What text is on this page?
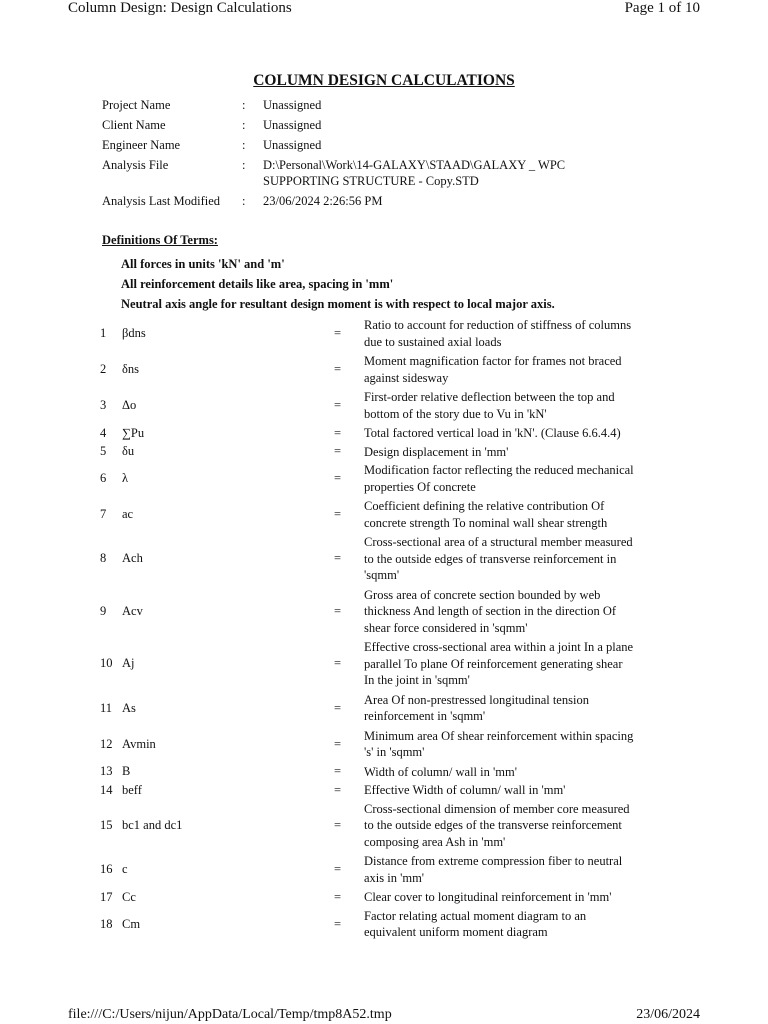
Column Design: Design Calculations	Page 1 of 10
COLUMN DESIGN CALCULATIONS
Project Name	:	Unassigned
Client Name	:	Unassigned
Engineer Name	:	Unassigned
Analysis File	:	D:\Personal\Work\14-GALAXY\STAAD\GALAXY _ WPC
SUPPORTING STRUCTURE - Copy.STD
Analysis Last Modified	:	23/06/2024 2:26:56 PM
Definitions Of Terms:
All forces in units 'kN' and 'm'
All reinforcement details like area, spacing in 'mm'
Neutral axis angle for resultant design moment is with respect to local major axis.
1	βdns	=
Ratio to account for reduction of stiffness of columns
due to sustained axial loads
2	δns	=
Moment magnification factor for frames not braced
against sidesway
3	Δo	=
First-order relative deflection between the top and
bottom of the story due to Vu in 'kN'
4	∑Pu	=	Total factored vertical load in 'kN'. (Clause 6.6.4.4)
5	δu	=	Design displacement in 'mm'
6	λ	=
Modification factor reflecting the reduced mechanical
properties Of concrete
7	ac	=
Coefficient defining the relative contribution Of
concrete strength To nominal wall shear strength
8	Ach	=
Cross-sectional area of a structural member measured
to the outside edges of transverse reinforcement in
'sqmm'
9	Acv	=
Gross area of concrete section bounded by web
thickness And length of section in the direction Of
shear force considered in 'sqmm'
10 Aj	=
Effective cross-sectional area within a joint In a plane
parallel To plane Of reinforcement generating shear
In the joint in 'sqmm'
11 As	=
Area Of non-prestressed longitudinal tension
reinforcement in 'sqmm'
12 Avmin	=
Minimum area Of shear reinforcement within spacing
's' in 'sqmm'
13 B	=	Width of column/ wall in 'mm'
14 beff	=	Effective Width of column/ wall in 'mm'
15 bc1 and dc1	=
Cross-sectional dimension of member core measured
to the outside edges of the transverse reinforcement
composing area Ash in 'mm'
16 c	=
Distance from extreme compression fiber to neutral
axis in 'mm'
17 Cc	=	Clear cover to longitudinal reinforcement in 'mm'
18 Cm	=
Factor relating actual moment diagram to an
equivalent uniform moment diagram
file:///C:/Users/nijun/AppData/Local/Temp/tmp8A52.tmp	23/06/2024
